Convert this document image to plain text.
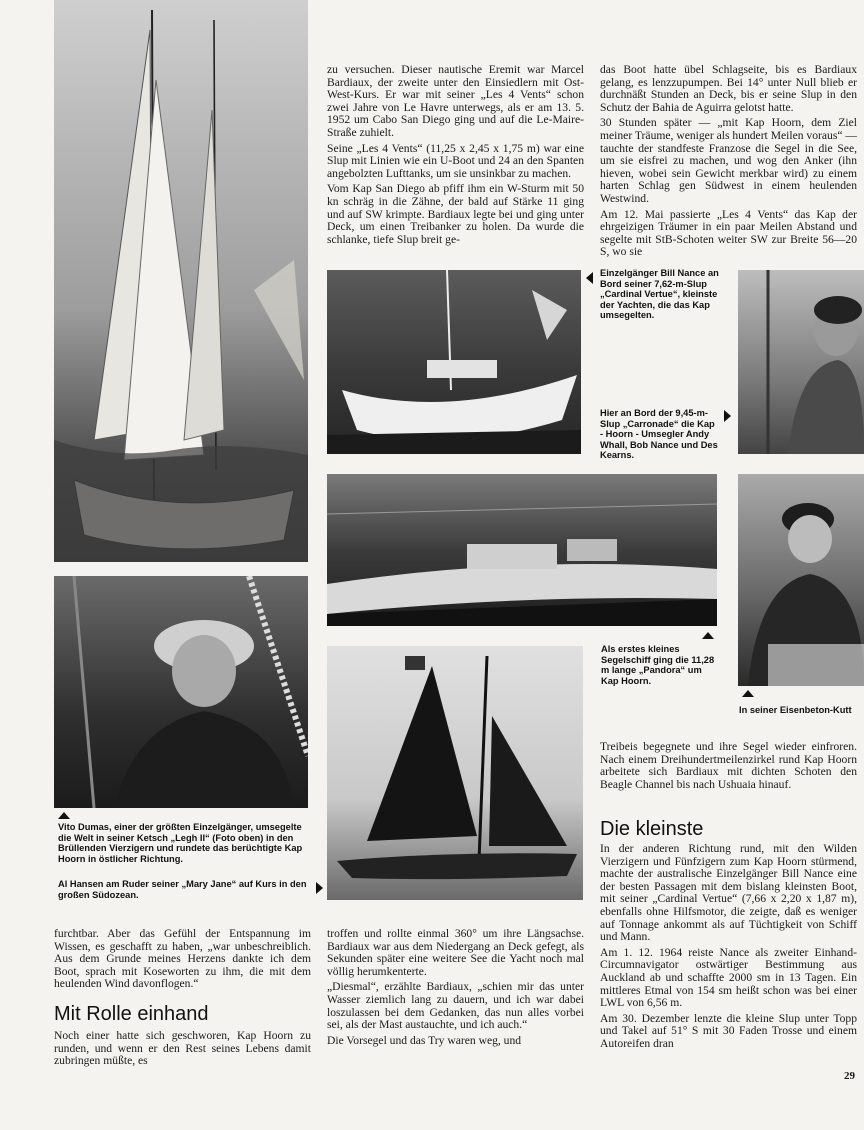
zu versuchen. Dieser nautische Eremit war Marcel Bardiaux, der zweite unter den Einsiedlern mit Ost-West-Kurs. Er war mit seiner „Les 4 Vents“ schon zwei Jahre von Le Havre unterwegs, als er am 13. 5. 1952 um Cabo San Diego ging und auf die Le-Maire-Straße zuhielt.

Seine „Les 4 Vents“ (11,25 x 2,45 x 1,75 m) war eine Slup mit Linien wie ein U-Boot und 24 an den Spanten angebolzten Lufttanks, um sie unsinkbar zu machen.

Vom Kap San Diego ab pfiff ihm ein W-Sturm mit 50 kn schräg in die Zähne, der bald auf Stärke 11 ging und auf SW krimpte. Bardiaux legte bei und ging unter Deck, um einen Treibanker zu holen. Da wurde die schlanke, tiefe Slup breit ge-

das Boot hatte übel Schlagseite, bis es Bardiaux gelang, es lenzzupumpen. Bei 14° unter Null blieb er durchnäßt Stunden an Deck, bis er seine Slup in den Schutz der Bahia de Aguirra gelotst hatte.

30 Stunden später — „mit Kap Hoorn, dem Ziel meiner Träume, weniger als hundert Meilen voraus“ — tauchte der standfeste Franzose die Segel in die See, um sie eisfrei zu machen, und wog den Anker (ihn hieven, wobei sein Gewicht merkbar wird) zu einem harten Schlag gen Südwest in einem heulenden Westwind.

Am 12. Mai passierte „Les 4 Vents“ das Kap der ehrgeizigen Träumer in ein paar Meilen Abstand und segelte mit StB-Schoten weiter SW zur Breite 56—20 S, wo sie

Einzelgänger Bill Nance an Bord seiner 7,62-m-Slup „Cardinal Vertue“, kleinste der Yachten, die das Kap umsegelten.
Hier an Bord der 9,45-m-Slup „Carronade“ die Kap - Hoorn - Umsegler Andy Whall, Bob Nance und Des Kearns.
Als erstes kleines Segelschiff ging die 11,28 m lange „Pandora“ um Kap Hoorn.
In seiner Eisenbeton-Kutt
Vito Dumas, einer der größten Einzelgänger, umsegelte die Welt in seiner Ketsch „Legh II“ (Foto oben) in den Brüllenden Vierzigern und rundete das berüchtigte Kap Hoorn in östlicher Richtung.
Al Hansen am Ruder seiner „Mary Jane“ auf Kurs in den großen Südozean.

Treibeis begegnete und ihre Segel wieder einfroren. Nach einem Dreihundertmeilenzirkel rund Kap Hoorn arbeitete sich Bardiaux mit dichten Schoten den Beagle Channel bis nach Ushuaia hinauf.

Die kleinste

In der anderen Richtung rund, mit den Wilden Vierzigern und Fünfzigern zum Kap Hoorn stürmend, machte der australische Einzelgänger Bill Nance eine der besten Passagen mit dem bislang kleinsten Boot, mit seiner „Cardinal Vertue“ (7,66 x 2,20 x 1,87 m), ebenfalls ohne Hilfsmotor, die zeigte, daß es weniger auf Tonnage ankommt als auf Tüchtigkeit von Schiff und Mann.

Am 1. 12. 1964 reiste Nance als zweiter Einhand-Circumnavigator ostwärtiger Bestimmung aus Auckland ab und schaffte 2000 sm in 13 Tagen. Ein mittleres Etmal von 154 sm heißt schon was bei einer LWL von 6,56 m.

Am 30. Dezember lenzte die kleine Slup unter Topp und Takel auf 51° S mit 30 Faden Trosse und einem Autoreifen dran

furchtbar. Aber das Gefühl der Entspannung im Wissen, es geschafft zu haben, „war unbeschreiblich. Aus dem Grunde meines Herzens dankte ich dem Boot, sprach mit Koseworten zu ihm, die mit dem heulenden Wind davonflogen.“

Mit Rolle einhand

Noch einer hatte sich geschworen, Kap Hoorn zu runden, und wenn er den Rest seines Lebens damit zubringen müßte, es

troffen und rollte einmal 360° um ihre Längsachse. Bardiaux war aus dem Niedergang an Deck gefegt, als Sekunden später eine weitere See die Yacht noch mal völlig herumkenterte.

„Diesmal“, erzählte Bardiaux, „schien mir das unter Wasser ziemlich lang zu dauern, und ich war dabei loszulassen bei dem Gedanken, das nun alles vorbei sei, als der Mast austauchte, und ich auch.“

Die Vorsegel und das Try waren weg, und

29
